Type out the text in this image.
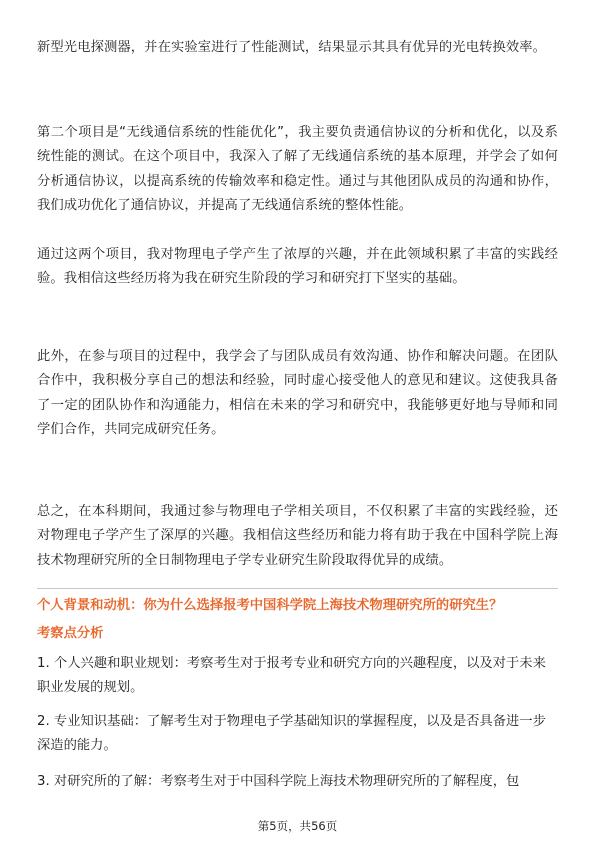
新型光电探测器，并在实验室进行了性能测试，结果显示其具有优异的光电转换效率。

第二个项目是“无线通信系统的性能优化”，我主要负责通信协议的分析和优化，以及系统性能的测试。在这个项目中，我深入了解了无线通信系统的基本原理，并学会了如何分析通信协议，以提高系统的传输效率和稳定性。通过与其他团队成员的沟通和协作，我们成功优化了通信协议，并提高了无线通信系统的整体性能。

通过这两个项目，我对物理电子学产生了浓厚的兴趣，并在此领域积累了丰富的实践经验。我相信这些经历将为我在研究生阶段的学习和研究打下坚实的基础。

此外，在参与项目的过程中，我学会了与团队成员有效沟通、协作和解决问题。在团队合作中，我积极分享自己的想法和经验，同时虚心接受他人的意见和建议。这使我具备了一定的团队协作和沟通能力，相信在未来的学习和研究中，我能够更好地与导师和同学们合作，共同完成研究任务。

总之，在本科期间，我通过参与物理电子学相关项目，不仅积累了丰富的实践经验，还对物理电子学产生了深厚的兴趣。我相信这些经历和能力将有助于我在中国科学院上海技术物理研究所的全日制物理电子学专业研究生阶段取得优异的成绩。

个人背景和动机：你为什么选择报考中国科学院上海技术物理研究所的研究生？

考察点分析

1. 个人兴趣和职业规划：考察考生对于报考专业和研究方向的兴趣程度，以及对于未来职业发展的规划。

2. 专业知识基础：了解考生对于物理电子学基础知识的掌握程度，以及是否具备进一步深造的能力。

3. 对研究所的了解：考察考生对于中国科学院上海技术物理研究所的了解程度，包

第5页，共56页
